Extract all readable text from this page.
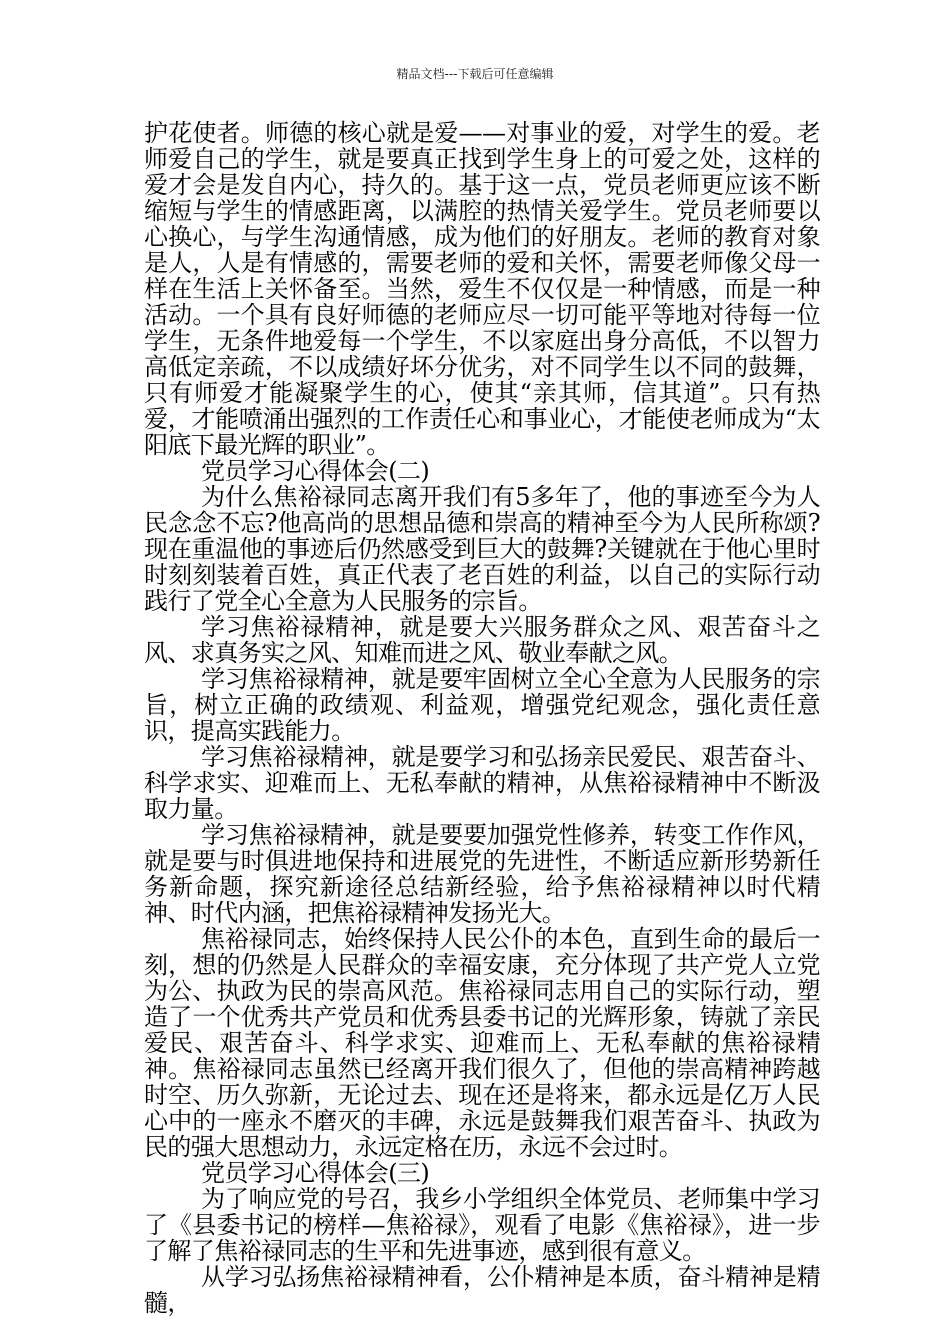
精品文档---下载后可任意编辑

护花使者。师德的核心就是爱——对事业的爱，对学生的爱。老师爱自己的学生，就是要真正找到学生身上的可爱之处，这样的爱才会是发自内心，持久的。基于这一点，党员老师更应该不断缩短与学生的情感距离，以满腔的热情关爱学生。党员老师要以心换心，与学生沟通情感，成为他们的好朋友。老师的教育对象是人，人是有情感的，需要老师的爱和关怀，需要老师像父母一样在生活上关怀备至。当然，爱生不仅仅是一种情感，而是一种活动。一个具有良好师德的老师应尽一切可能平等地对待每一位学生，无条件地爱每一个学生，不以家庭出身分高低，不以智力高低定亲疏，不以成绩好坏分优劣，对不同学生以不同的鼓舞，只有师爱才能凝聚学生的心，使其“亲其师，信其道”。只有热爱，才能喷涌出强烈的工作责任心和事业心，才能使老师成为“太阳底下最光辉的职业”。

党员学习心得体会(二)

为什么焦裕禄同志离开我们有5多年了，他的事迹至今为人民念念不忘?他高尚的思想品德和崇高的精神至今为人民所称颂?现在重温他的事迹后仍然感受到巨大的鼓舞?关键就在于他心里时时刻刻装着百姓，真正代表了老百姓的利益，以自己的实际行动践行了党全心全意为人民服务的宗旨。

学习焦裕禄精神，就是要大兴服务群众之风、艰苦奋斗之风、求真务实之风、知难而进之风、敬业奉献之风。

学习焦裕禄精神，就是要牢固树立全心全意为人民服务的宗旨，树立正确的政绩观、利益观，增强党纪观念，强化责任意识，提高实践能力。

学习焦裕禄精神，就是要学习和弘扬亲民爱民、艰苦奋斗、科学求实、迎难而上、无私奉献的精神，从焦裕禄精神中不断汲取力量。

学习焦裕禄精神，就是要要加强党性修养，转变工作作风，就是要与时俱进地保持和进展党的先进性，不断适应新形势新任务新命题，探究新途径总结新经验，给予焦裕禄精神以时代精神、时代内涵，把焦裕禄精神发扬光大。

焦裕禄同志，始终保持人民公仆的本色，直到生命的最后一刻，想的仍然是人民群众的幸福安康，充分体现了共产党人立党为公、执政为民的崇高风范。焦裕禄同志用自己的实际行动，塑造了一个优秀共产党员和优秀县委书记的光辉形象，铸就了亲民爱民、艰苦奋斗、科学求实、迎难而上、无私奉献的焦裕禄精神。焦裕禄同志虽然已经离开我们很久了，但他的崇高精神跨越时空、历久弥新，无论过去、现在还是将来，都永远是亿万人民心中的一座永不磨灭的丰碑，永远是鼓舞我们艰苦奋斗、执政为民的强大思想动力，永远定格在历，永远不会过时。

党员学习心得体会(三)

为了响应党的号召，我乡小学组织全体党员、老师集中学习了《县委书记的榜样—焦裕禄》，观看了电影《焦裕禄》，进一步了解了焦裕禄同志的生平和先进事迹，感到很有意义。

从学习弘扬焦裕禄精神看，公仆精神是本质，奋斗精神是精髓，
